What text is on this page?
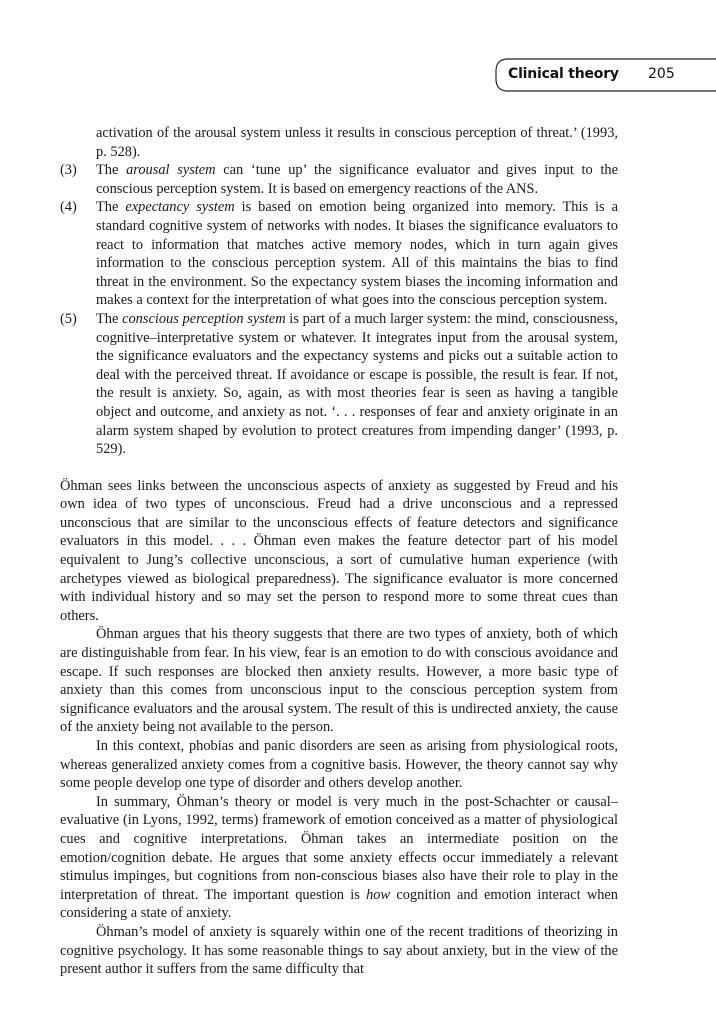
Clinical theory 205
activation of the arousal system unless it results in conscious perception of threat.’ (1993, p. 528).
(3) The arousal system can ‘tune up’ the significance evaluator and gives input to the conscious perception system. It is based on emergency reactions of the ANS.
(4) The expectancy system is based on emotion being organized into memory. This is a standard cognitive system of networks with nodes. It biases the significance evaluators to react to information that matches active memory nodes, which in turn again gives information to the conscious perception system. All of this maintains the bias to find threat in the environment. So the expectancy system biases the incoming information and makes a context for the interpretation of what goes into the conscious perception system.
(5) The conscious perception system is part of a much larger system: the mind, consciousness, cognitive–interpretative system or whatever. It integrates input from the arousal system, the significance evaluators and the expectancy systems and picks out a suitable action to deal with the perceived threat. If avoidance or escape is possible, the result is fear. If not, the result is anxiety. So, again, as with most theories fear is seen as having a tangible object and outcome, and anxiety as not. ‘. . . responses of fear and anxiety originate in an alarm system shaped by evolution to protect creatures from impending danger’ (1993, p. 529).

Öhman sees links between the unconscious aspects of anxiety as suggested by Freud and his own idea of two types of unconscious. Freud had a drive unconscious and a repressed unconscious that are similar to the unconscious effects of feature detectors and significance evaluators in this model. . . . Öhman even makes the feature detector part of his model equivalent to Jung’s collective unconscious, a sort of cumulative human experience (with archetypes viewed as biological preparedness). The significance evaluator is more concerned with individual history and so may set the person to respond more to some threat cues than others.

Öhman argues that his theory suggests that there are two types of anxiety, both of which are distinguishable from fear. In his view, fear is an emotion to do with conscious avoidance and escape. If such responses are blocked then anxiety results. However, a more basic type of anxiety than this comes from unconscious input to the conscious perception system from significance evaluators and the arousal system. The result of this is undirected anxiety, the cause of the anxiety being not available to the person.

In this context, phobias and panic disorders are seen as arising from physiological roots, whereas generalized anxiety comes from a cognitive basis. However, the theory cannot say why some people develop one type of disorder and others develop another.

In summary, Öhman’s theory or model is very much in the post-Schachter or causal–evaluative (in Lyons, 1992, terms) framework of emotion conceived as a matter of physiological cues and cognitive interpretations. Öhman takes an intermediate position on the emotion/cognition debate. He argues that some anxiety effects occur immediately a relevant stimulus impinges, but cognitions from non-conscious biases also have their role to play in the interpretation of threat. The important question is how cognition and emotion interact when considering a state of anxiety.

Öhman’s model of anxiety is squarely within one of the recent traditions of theorizing in cognitive psychology. It has some reasonable things to say about anxiety, but in the view of the present author it suffers from the same difficulty that
